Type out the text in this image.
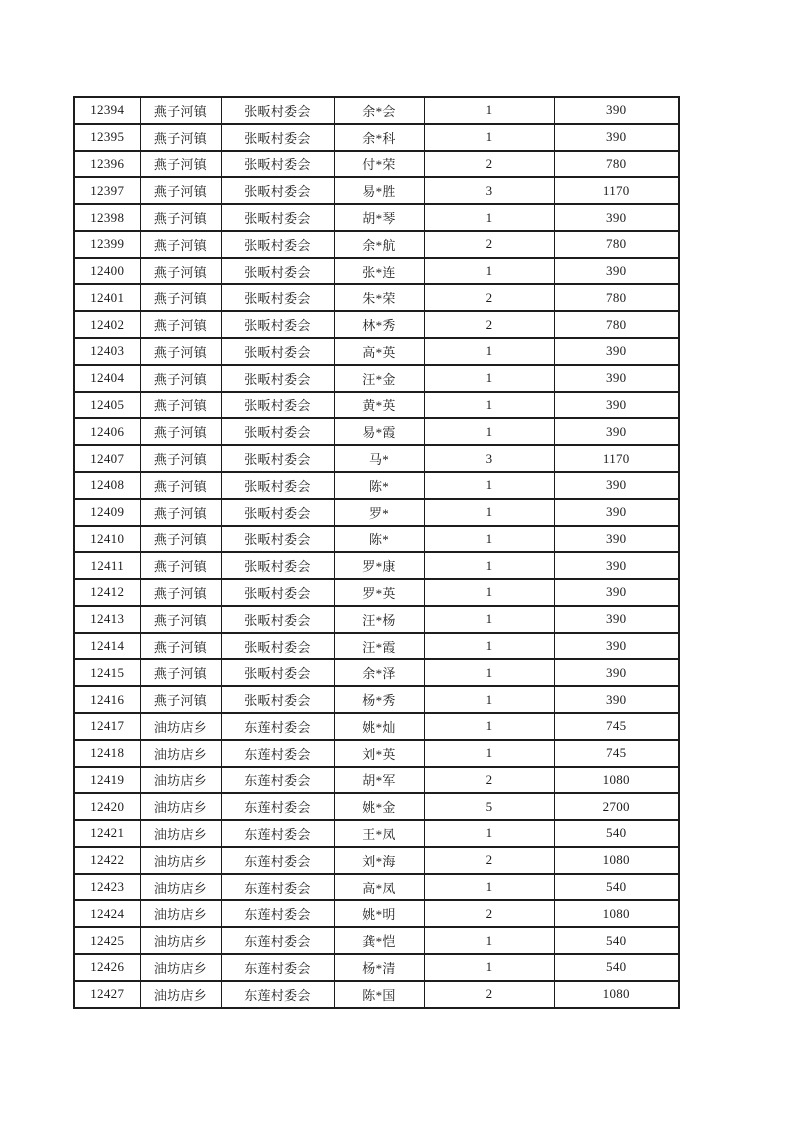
12394	燕子河镇	张畈村委会	余*会	1	390
12395	燕子河镇	张畈村委会	余*科	1	390
12396	燕子河镇	张畈村委会	付*荣	2	780
12397	燕子河镇	张畈村委会	易*胜	3	1170
12398	燕子河镇	张畈村委会	胡*琴	1	390
12399	燕子河镇	张畈村委会	余*航	2	780
12400	燕子河镇	张畈村委会	张*连	1	390
12401	燕子河镇	张畈村委会	朱*荣	2	780
12402	燕子河镇	张畈村委会	林*秀	2	780
12403	燕子河镇	张畈村委会	高*英	1	390
12404	燕子河镇	张畈村委会	汪*金	1	390
12405	燕子河镇	张畈村委会	黄*英	1	390
12406	燕子河镇	张畈村委会	易*霞	1	390
12407	燕子河镇	张畈村委会	马*	3	1170
12408	燕子河镇	张畈村委会	陈*	1	390
12409	燕子河镇	张畈村委会	罗*	1	390
12410	燕子河镇	张畈村委会	陈*	1	390
12411	燕子河镇	张畈村委会	罗*康	1	390
12412	燕子河镇	张畈村委会	罗*英	1	390
12413	燕子河镇	张畈村委会	汪*杨	1	390
12414	燕子河镇	张畈村委会	汪*霞	1	390
12415	燕子河镇	张畈村委会	余*泽	1	390
12416	燕子河镇	张畈村委会	杨*秀	1	390
12417	油坊店乡	东莲村委会	姚*灿	1	745
12418	油坊店乡	东莲村委会	刘*英	1	745
12419	油坊店乡	东莲村委会	胡*军	2	1080
12420	油坊店乡	东莲村委会	姚*金	5	2700
12421	油坊店乡	东莲村委会	王*凤	1	540
12422	油坊店乡	东莲村委会	刘*海	2	1080
12423	油坊店乡	东莲村委会	高*凤	1	540
12424	油坊店乡	东莲村委会	姚*明	2	1080
12425	油坊店乡	东莲村委会	龚*恺	1	540
12426	油坊店乡	东莲村委会	杨*清	1	540
12427	油坊店乡	东莲村委会	陈*国	2	1080
